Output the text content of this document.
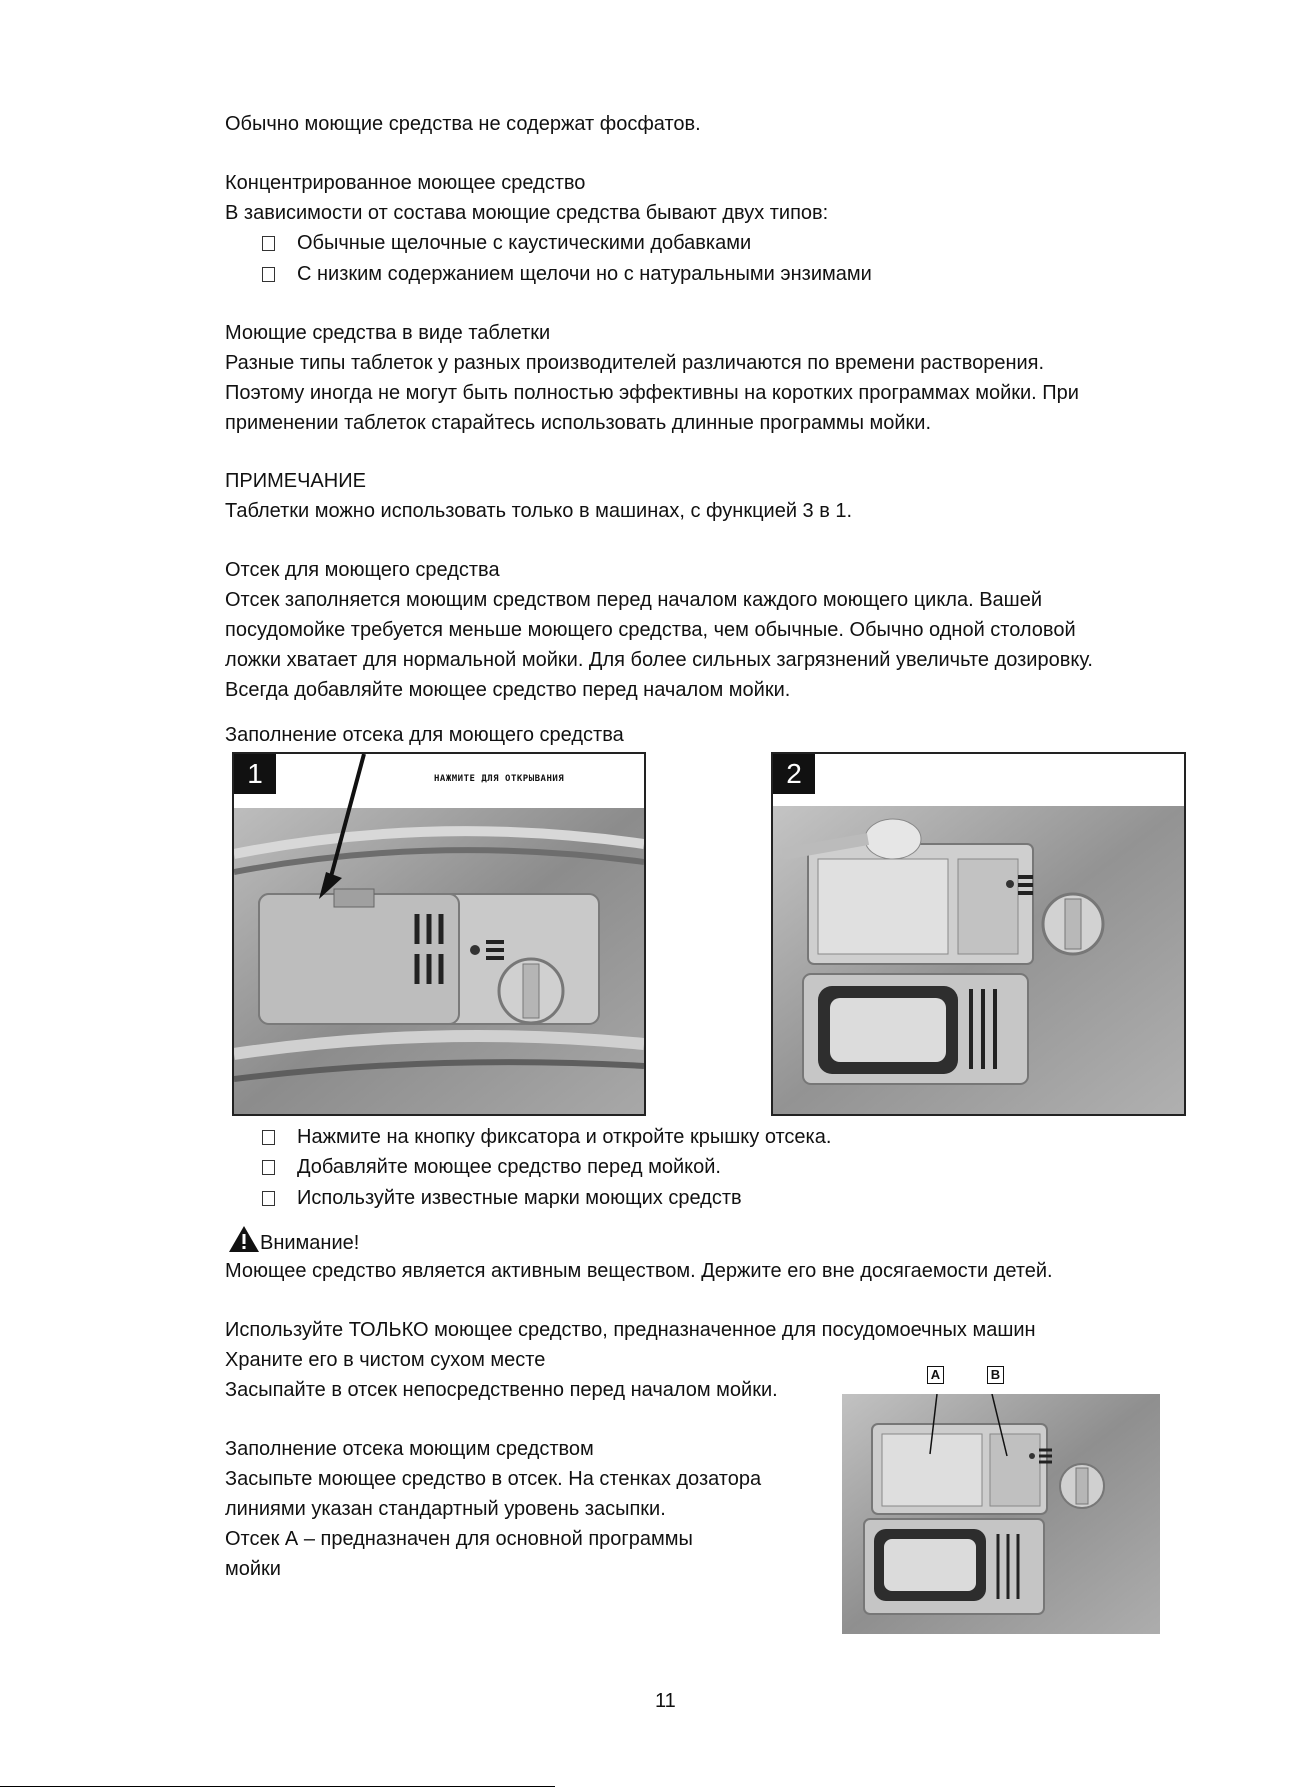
Обычно моющие средства не содержат фосфатов.
Концентрированное моющее средство
В зависимости от состава моющие средства бывают двух типов:
Обычные щелочные с каустическими добавками
С низким содержанием щелочи но с натуральными энзимами
Моющие средства в виде таблетки
Разные типы таблеток у разных производителей различаются по времени растворения.
Поэтому иногда не могут быть полностью эффективны на коротких программах мойки. При
применении таблеток старайтесь использовать длинные программы мойки.
ПРИМЕЧАНИЕ
Таблетки можно использовать только в машинах, с функцией 3 в 1.
Отсек для моющего средства
Отсек заполняется моющим средством перед началом каждого моющего цикла. Вашей
посудомойке требуется меньше моющего средства, чем обычные. Обычно одной столовой
ложки хватает для нормальной мойки. Для более сильных загрязнений увеличьте дозировку.
Всегда добавляйте моющее средство перед началом мойки.
Заполнение отсека для моющего средства
1	НАЖМИТЕ ДЛЯ ОТКРЫВАНИЯ	2
Нажмите на кнопку фиксатора и откройте крышку отсека.
Добавляйте моющее средство перед мойкой.
Используйте известные марки моющих средств
Внимание!
Моющее средство является активным веществом. Держите его вне досягаемости детей.
Используйте ТОЛЬКО моющее средство, предназначенное для посудомоечных машин
Храните его в чистом сухом месте
Засыпайте в отсек непосредственно перед началом мойки.
A	B
Заполнение отсека моющим средством
Засыпьте моющее средство в отсек. На стенках дозатора
линиями указан стандартный уровень засыпки.
Отсек А – предназначен для основной программы
мойки
11
